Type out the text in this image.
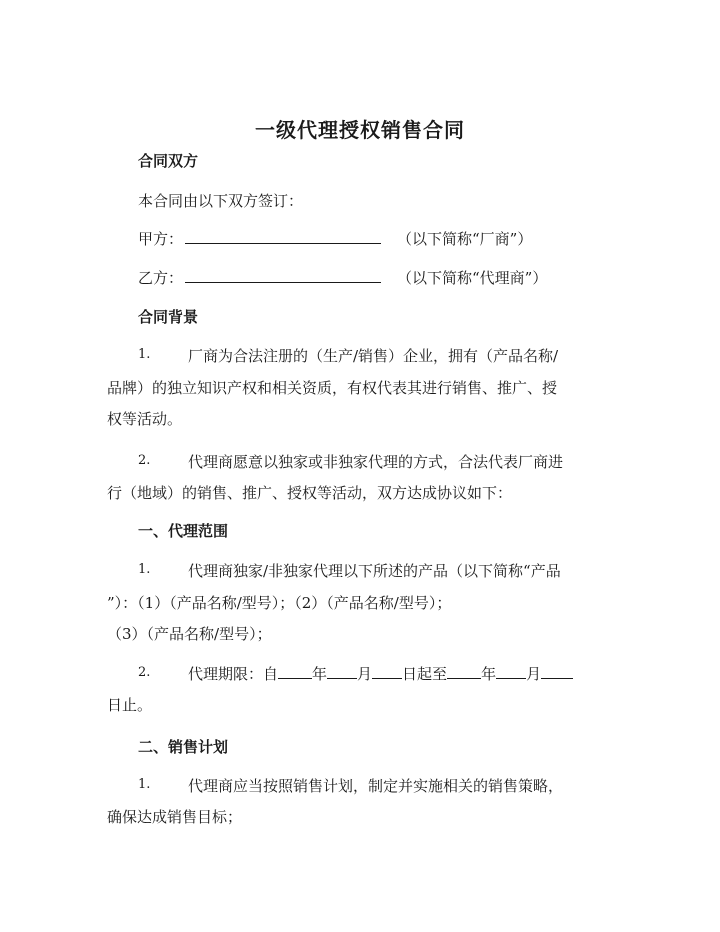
一级代理授权销售合同
合同双方
本合同由以下双方签订：
甲方：	（以下简称“厂商”）
乙方：	（以下简称“代理商”）
合同背景
1.	厂商为合法注册的（生产/销售）企业，拥有（产品名称/
品牌）的独立知识产权和相关资质，有权代表其进行销售、推广、授
权等活动。
2.	代理商愿意以独家或非独家代理的方式，合法代表厂商进
行（地域）的销售、推广、授权等活动，双方达成协议如下：
一、代理范围
1.	代理商独家/非独家代理以下所述的产品（以下简称“产品
”）：（1）（产品名称/型号）；（2）（产品名称/型号）；
（3）（产品名称/型号）；
2.	代理期限：自 年 月 日起至 年 月
日止。
二、销售计划
1.	代理商应当按照销售计划，制定并实施相关的销售策略，
确保达成销售目标；
